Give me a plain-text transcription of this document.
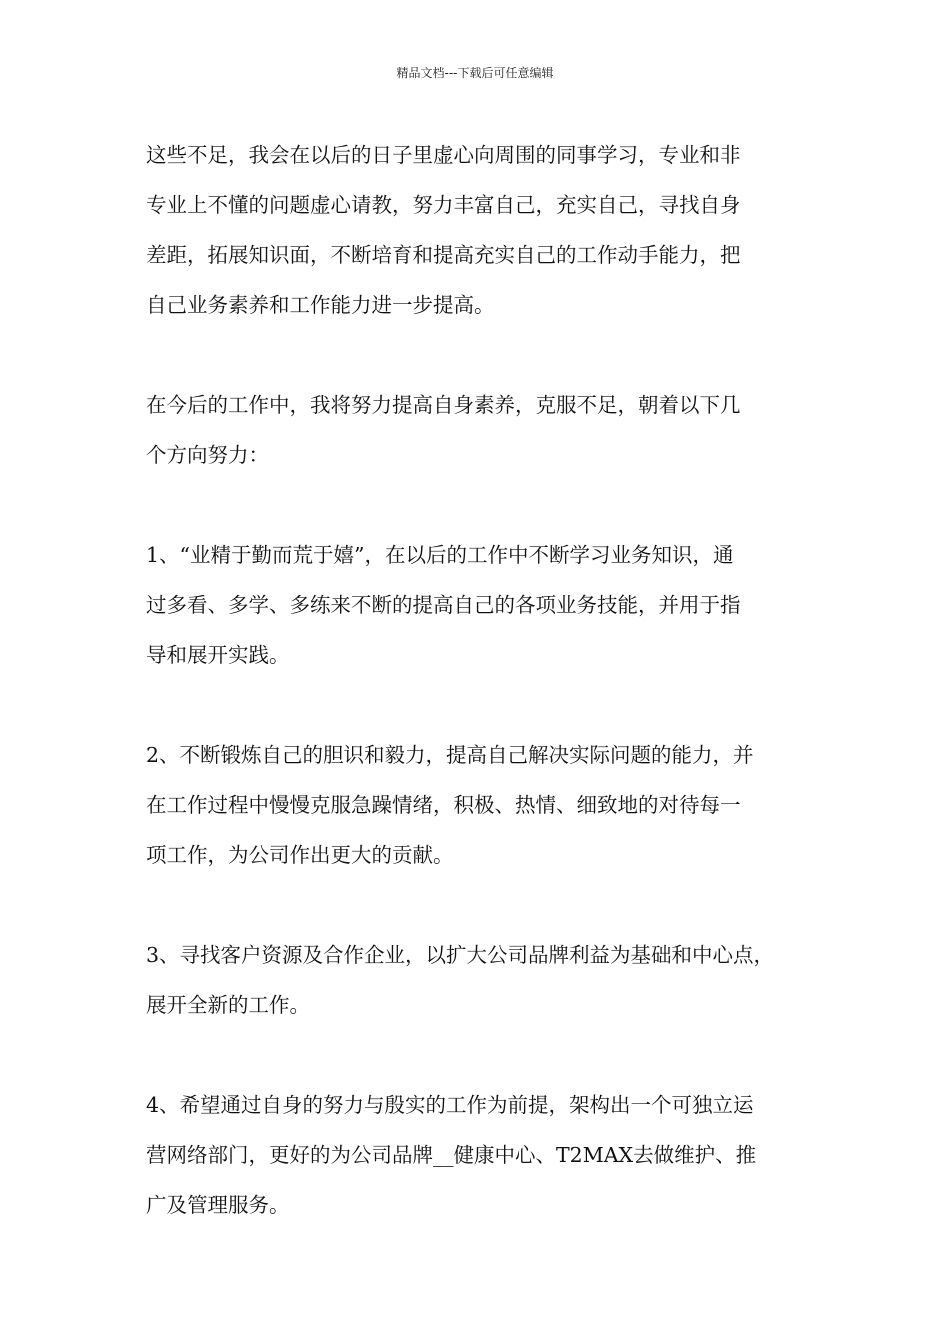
精品文档---下载后可任意编辑

这些不足，我会在以后的日子里虚心向周围的同事学习，专业和非
专业上不懂的问题虚心请教，努力丰富自己，充实自己，寻找自身
差距，拓展知识面，不断培育和提高充实自己的工作动手能力，把
自己业务素养和工作能力进一步提高。

在今后的工作中，我将努力提高自身素养，克服不足，朝着以下几
个方向努力：

1、“业精于勤而荒于嬉”，在以后的工作中不断学习业务知识，通
过多看、多学、多练来不断的提高自己的各项业务技能，并用于指
导和展开实践。

2、不断锻炼自己的胆识和毅力，提高自己解决实际问题的能力，并
在工作过程中慢慢克服急躁情绪，积极、热情、细致地的对待每一
项工作，为公司作出更大的贡献。

3、寻找客户资源及合作企业，以扩大公司品牌利益为基础和中心点，
展开全新的工作。

4、希望通过自身的努力与殷实的工作为前提，架构出一个可独立运
营网络部门，更好的为公司品牌__健康中心、T2MAX去做维护、推
广及管理服务。
